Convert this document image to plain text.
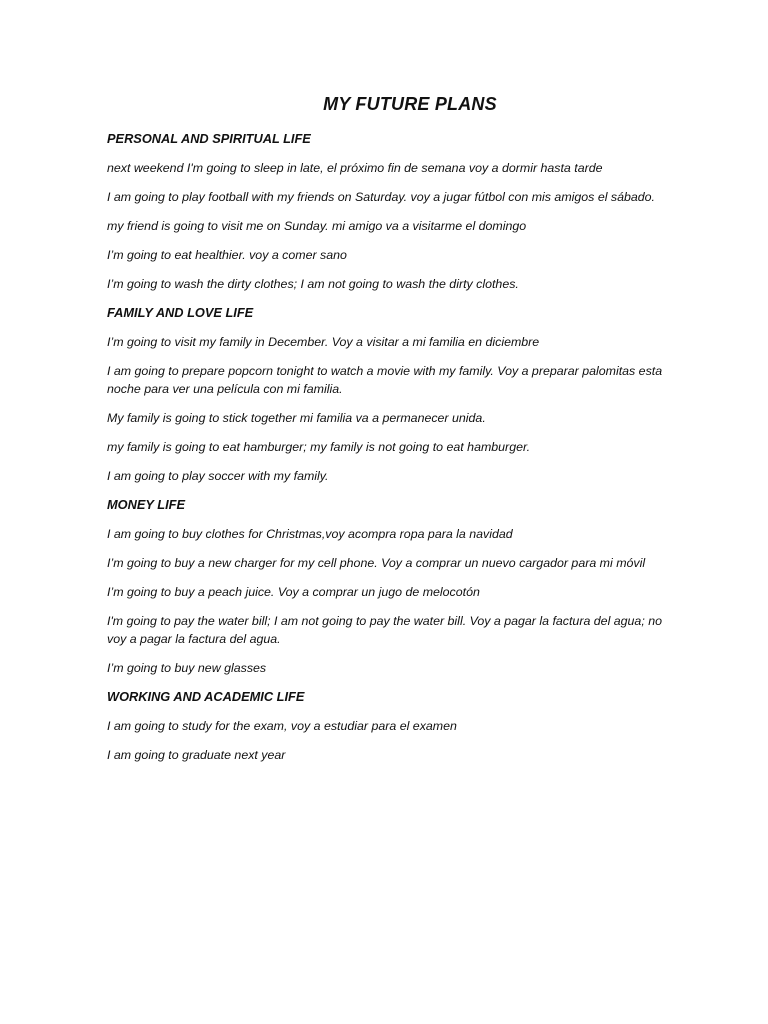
MY FUTURE PLANS
PERSONAL AND SPIRITUAL LIFE
next weekend I'm going to sleep in late, el próximo fin de semana voy a dormir hasta tarde
I am going to play football with my friends on Saturday. voy a jugar fútbol con mis amigos el sábado.
my friend is going to visit me on Sunday. mi amigo va a visitarme el domingo
I’m going to eat healthier. voy a comer sano
I’m going to wash the dirty clothes; I am not going to wash the dirty clothes.
FAMILY AND LOVE LIFE
I’m going to visit my family in December. Voy a visitar a mi familia en diciembre
I am going to prepare popcorn tonight to watch a movie with my family. Voy a preparar palomitas esta noche para ver una película con mi familia.
My family is going to stick together mi familia va a permanecer unida.
my family is going to eat hamburger; my family is not going to eat hamburger.
I am going to play soccer with my family.
MONEY LIFE
I am going to buy clothes for Christmas,voy acompra ropa para la navidad
I’m going to buy a new charger for my cell phone. Voy a comprar un nuevo cargador para mi móvil
I’m going to buy a peach juice. Voy a comprar un jugo de melocotón
I'm going to pay the water bill; I am not going to pay the water bill. Voy a pagar la factura del agua; no voy a pagar la factura del agua.
I’m going to buy new glasses
WORKING AND ACADEMIC LIFE
I am going to study for the exam, voy a estudiar para el examen
I am going to graduate next year
